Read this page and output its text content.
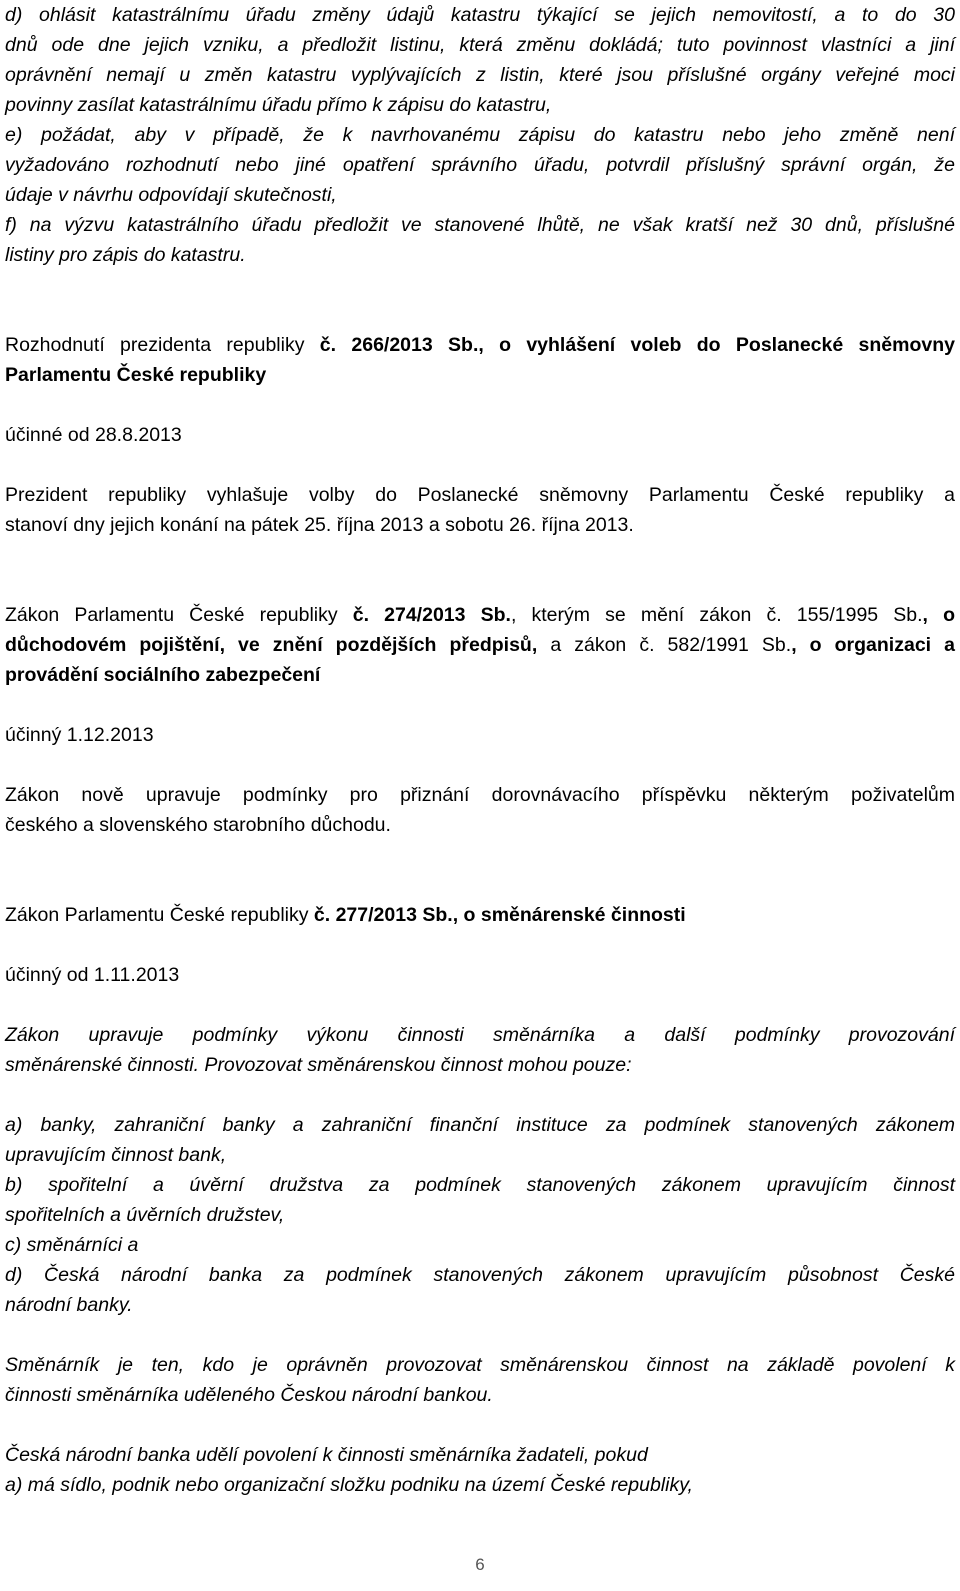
d) ohlásit katastrálnímu úřadu změny údajů katastru týkající se jejich nemovitostí, a to do 30
dnů ode dne jejich vzniku, a předložit listinu, která změnu dokládá; tuto povinnost vlastníci a jiní
oprávnění nemají u změn katastru vyplývajících z listin, které jsou příslušné orgány veřejné moci
povinny zasílat katastrálnímu úřadu přímo k zápisu do katastru,
e) požádat, aby v případě, že k navrhovanému zápisu do katastru nebo jeho změně není
vyžadováno rozhodnutí nebo jiné opatření správního úřadu, potvrdil příslušný správní orgán, že
údaje v návrhu odpovídají skutečnosti,
f) na výzvu katastrálního úřadu předložit ve stanovené lhůtě, ne však kratší než 30 dnů, příslušné
listiny pro zápis do katastru.
Rozhodnutí prezidenta republiky č. 266/2013 Sb., o vyhlášení voleb do Poslanecké sněmovny
Parlamentu České republiky
účinné od 28.8.2013
Prezident republiky vyhlašuje volby do Poslanecké sněmovny Parlamentu České republiky a
stanoví dny jejich konání na pátek 25. října 2013 a sobotu 26. října 2013.
Zákon Parlamentu České republiky č. 274/2013 Sb., kterým se mění zákon č. 155/1995 Sb., o
důchodovém pojištění, ve znění pozdějších předpisů, a zákon č. 582/1991 Sb., o organizaci a
provádění sociálního zabezpečení
účinný 1.12.2013
Zákon nově upravuje podmínky pro přiznání dorovnávacího příspěvku některým poživatelům
českého a slovenského starobního důchodu.
Zákon Parlamentu České republiky č. 277/2013 Sb., o směnárenské činnosti
účinný od 1.11.2013
Zákon upravuje podmínky výkonu činnosti směnárníka a další podmínky provozování
směnárenské činnosti. Provozovat směnárenskou činnost mohou pouze:
a) banky, zahraniční banky a zahraniční finanční instituce za podmínek stanovených zákonem
upravujícím činnost bank,
b) spořitelní a úvěrní družstva za podmínek stanovených zákonem upravujícím činnost
spořitelních a úvěrních družstev,
c) směnárníci a
d) Česká národní banka za podmínek stanovených zákonem upravujícím působnost České
národní banky.
Směnárník je ten, kdo je oprávněn provozovat směnárenskou činnost na základě povolení k
činnosti směnárníka uděleného Českou národní bankou.
Česká národní banka udělí povolení k činnosti směnárníka žadateli, pokud
a) má sídlo, podnik nebo organizační složku podniku na území České republiky,
6
